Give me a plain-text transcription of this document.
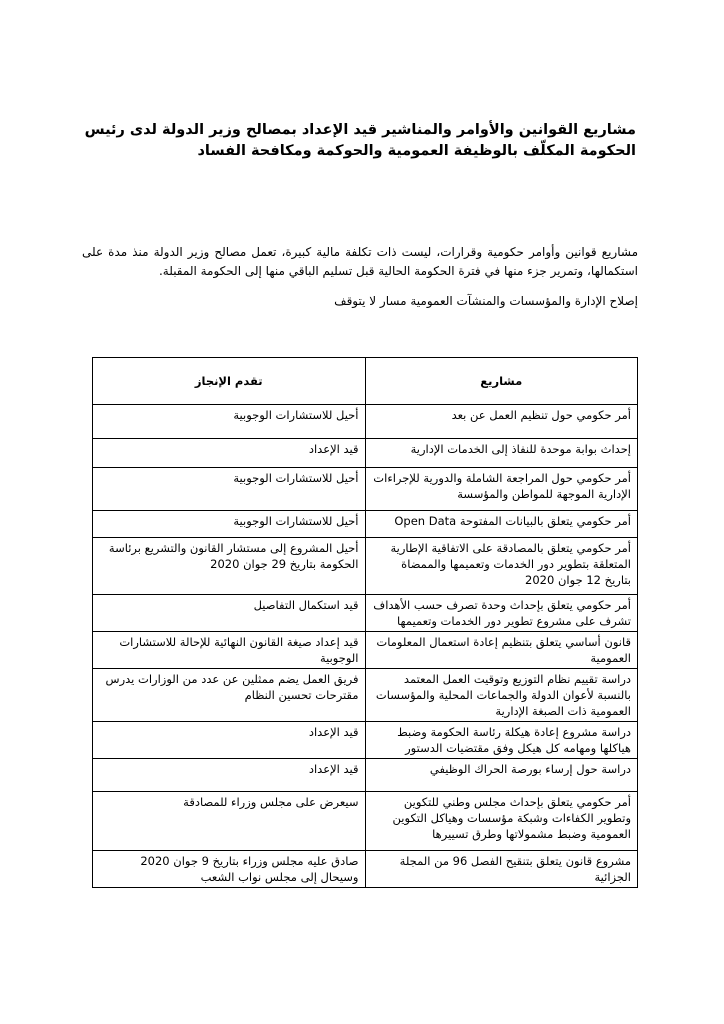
مشاريع القوانين والأوامر والمناشير قيد الإعداد بمصالح وزير الدولة لدى رئيس الحكومة المكلّف بالوظيفة العمومية والحوكمة ومكافحة الفساد
مشاريع قوانين وأوامر حكومية وقرارات، ليست ذات تكلفة مالية كبيرة، تعمل مصالح وزير الدولة منذ مدة على استكمالها، وتمرير جزء منها في فترة الحكومة الحالية قبل تسليم الباقي منها إلى الحكومة المقبلة.
إصلاح الإدارة والمؤسسات والمنشآت العمومية مسار لا يتوقف
مشاريع	تقدم الإنجاز
أمر حكومي حول تنظيم العمل عن بعد	أحيل للاستشارات الوجوبية
إحداث بوابة موحدة للنفاذ إلى الخدمات الإدارية	قيد الإعداد
أمر حكومي حول المراجعة الشاملة والدورية للإجراءات الإدارية الموجهة للمواطن والمؤسسة	أحيل للاستشارات الوجوبية
أمر حكومي يتعلق بالبيانات المفتوحة Open Data	أحيل للاستشارات الوجوبية
أمر حكومي يتعلق بالمصادقة على الاتفاقية الإطارية المتعلقة بتطوير دور الخدمات وتعميمها والممضاة بتاريخ 12 جوان 2020	أحيل المشروع إلى مستشار القانون والتشريع برئاسة الحكومة بتاريخ 29 جوان 2020
أمر حكومي يتعلق بإحداث وحدة تصرف حسب الأهداف تشرف على مشروع تطوير دور الخدمات وتعميمها	قيد استكمال التفاصيل
قانون أساسي يتعلق بتنظيم إعادة استعمال المعلومات العمومية	قيد إعداد صيغة القانون النهائية للإحالة للاستشارات الوجوبية
دراسة تقييم نظام التوزيع وتوقيت العمل المعتمد بالنسبة لأعوان الدولة والجماعات المحلية والمؤسسات العمومية ذات الصبغة الإدارية	فريق العمل يضم ممثلين عن عدد من الوزارات يدرس مقترحات تحسين النظام
دراسة مشروع إعادة هيكلة رئاسة الحكومة وضبط هياكلها ومهامه كل هيكل وفق مقتضيات الدستور	قيد الإعداد
دراسة حول إرساء بورصة الحراك الوظيفي	قيد الإعداد
أمر حكومي يتعلق بإحداث مجلس وطني للتكوين وتطوير الكفاءات وشبكة مؤسسات وهياكل التكوين العمومية وضبط مشمولاتها وطرق تسييرها	سيعرض على مجلس وزراء للمصادقة
مشروع قانون يتعلق بتنقيح الفصل 96 من المجلة الجزائية	صادق عليه مجلس وزراء بتاريخ 9 جوان 2020 وسيحال إلى مجلس نواب الشعب
